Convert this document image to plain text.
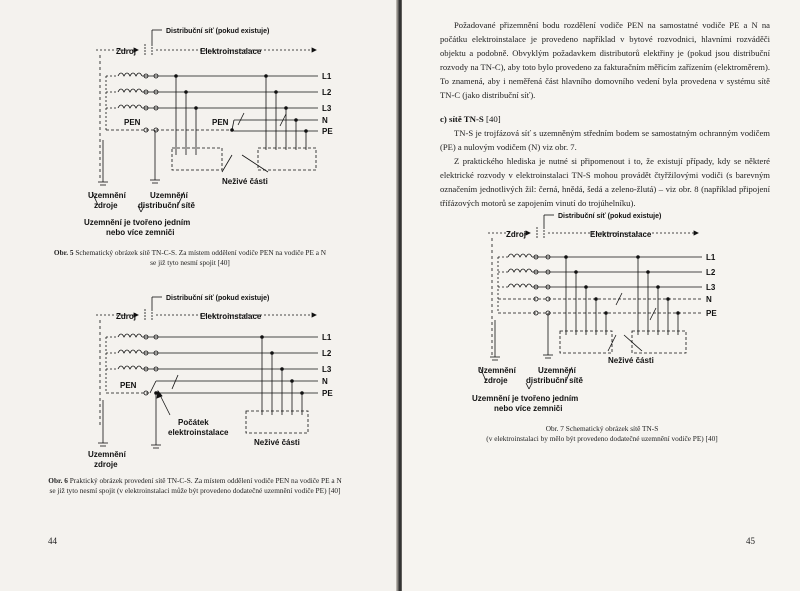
Distribuční síť (pokud existuje)
Zdroj	Elektroinstalace
L1
L2
L3
N
PE
PEN	PEN
Neživé části
Uzemnění
zdroje
Uzemnění
distribuční sítě
Uzemnění je tvořeno jedním
nebo více zemniči
Obr. 5 Schematický obrázek sítě TN-C-S. Za místem oddělení vodiče PEN na vodiče PE a N
se již tyto nesmí spojit [40]
Distribuční síť (pokud existuje)
Zdroj	Elektroinstalace
L1
L2
L3
N
PE
PEN
Počátek
elektroinstalace
Neživé části
Uzemnění
zdroje
Obr. 6 Praktický obrázek provedení sítě TN-C-S. Za místem oddělení vodiče PEN na vodiče PE a N
se již tyto nesmí spojit (v elektroinstalaci může být provedeno dodatečné uzemnění vodiče PE) [40]
44
Požadované přizemnění bodu rozdělení vodiče PEN na samostatné vodiče PE a N na počátku elektroinstalace je provedeno například v bytové rozvodnici, hlavními rozváděči objektu a podobně. Obvyklým požadavkem distributorů elektřiny je (pokud jsou distribuční rozvody na TN-C), aby toto bylo provedeno za fakturačním měřicím zařízením (elektroměrem). To znamená, aby i neměřená část hlavního domovního vedení byla provedena v systému sítě TN-C (jako distribuční síť).
c) sítě TN-S [40]
TN-S je trojfázová síť s uzemněným středním bodem se samostatným ochranným vodičem (PE) a nulovým vodičem (N) viz obr. 7.
Z praktického hlediska je nutné si připomenout i to, že existují případy, kdy se některé elektrické rozvody v elektroinstalaci TN-S mohou provádět čtyřžilovými vodiči (s barevným označením jednotlivých žil: černá, hnědá, šedá a zeleno-žlutá) – viz obr. 8 (například připojení třífázových motorů se zapojením vinutí do trojúhelníku).
Distribuční síť (pokud existuje)
Zdroj	Elektroinstalace
L1
L2
L3
N
PE
Neživé části
Uzemnění
zdroje
Uzemnění
distribuční sítě
Uzemnění je tvořeno jedním
nebo více zemniči
Obr. 7 Schematický obrázek sítě TN-S
(v elektroinstalaci by mělo být provedeno dodatečné uzemnění vodiče PE) [40]
45
